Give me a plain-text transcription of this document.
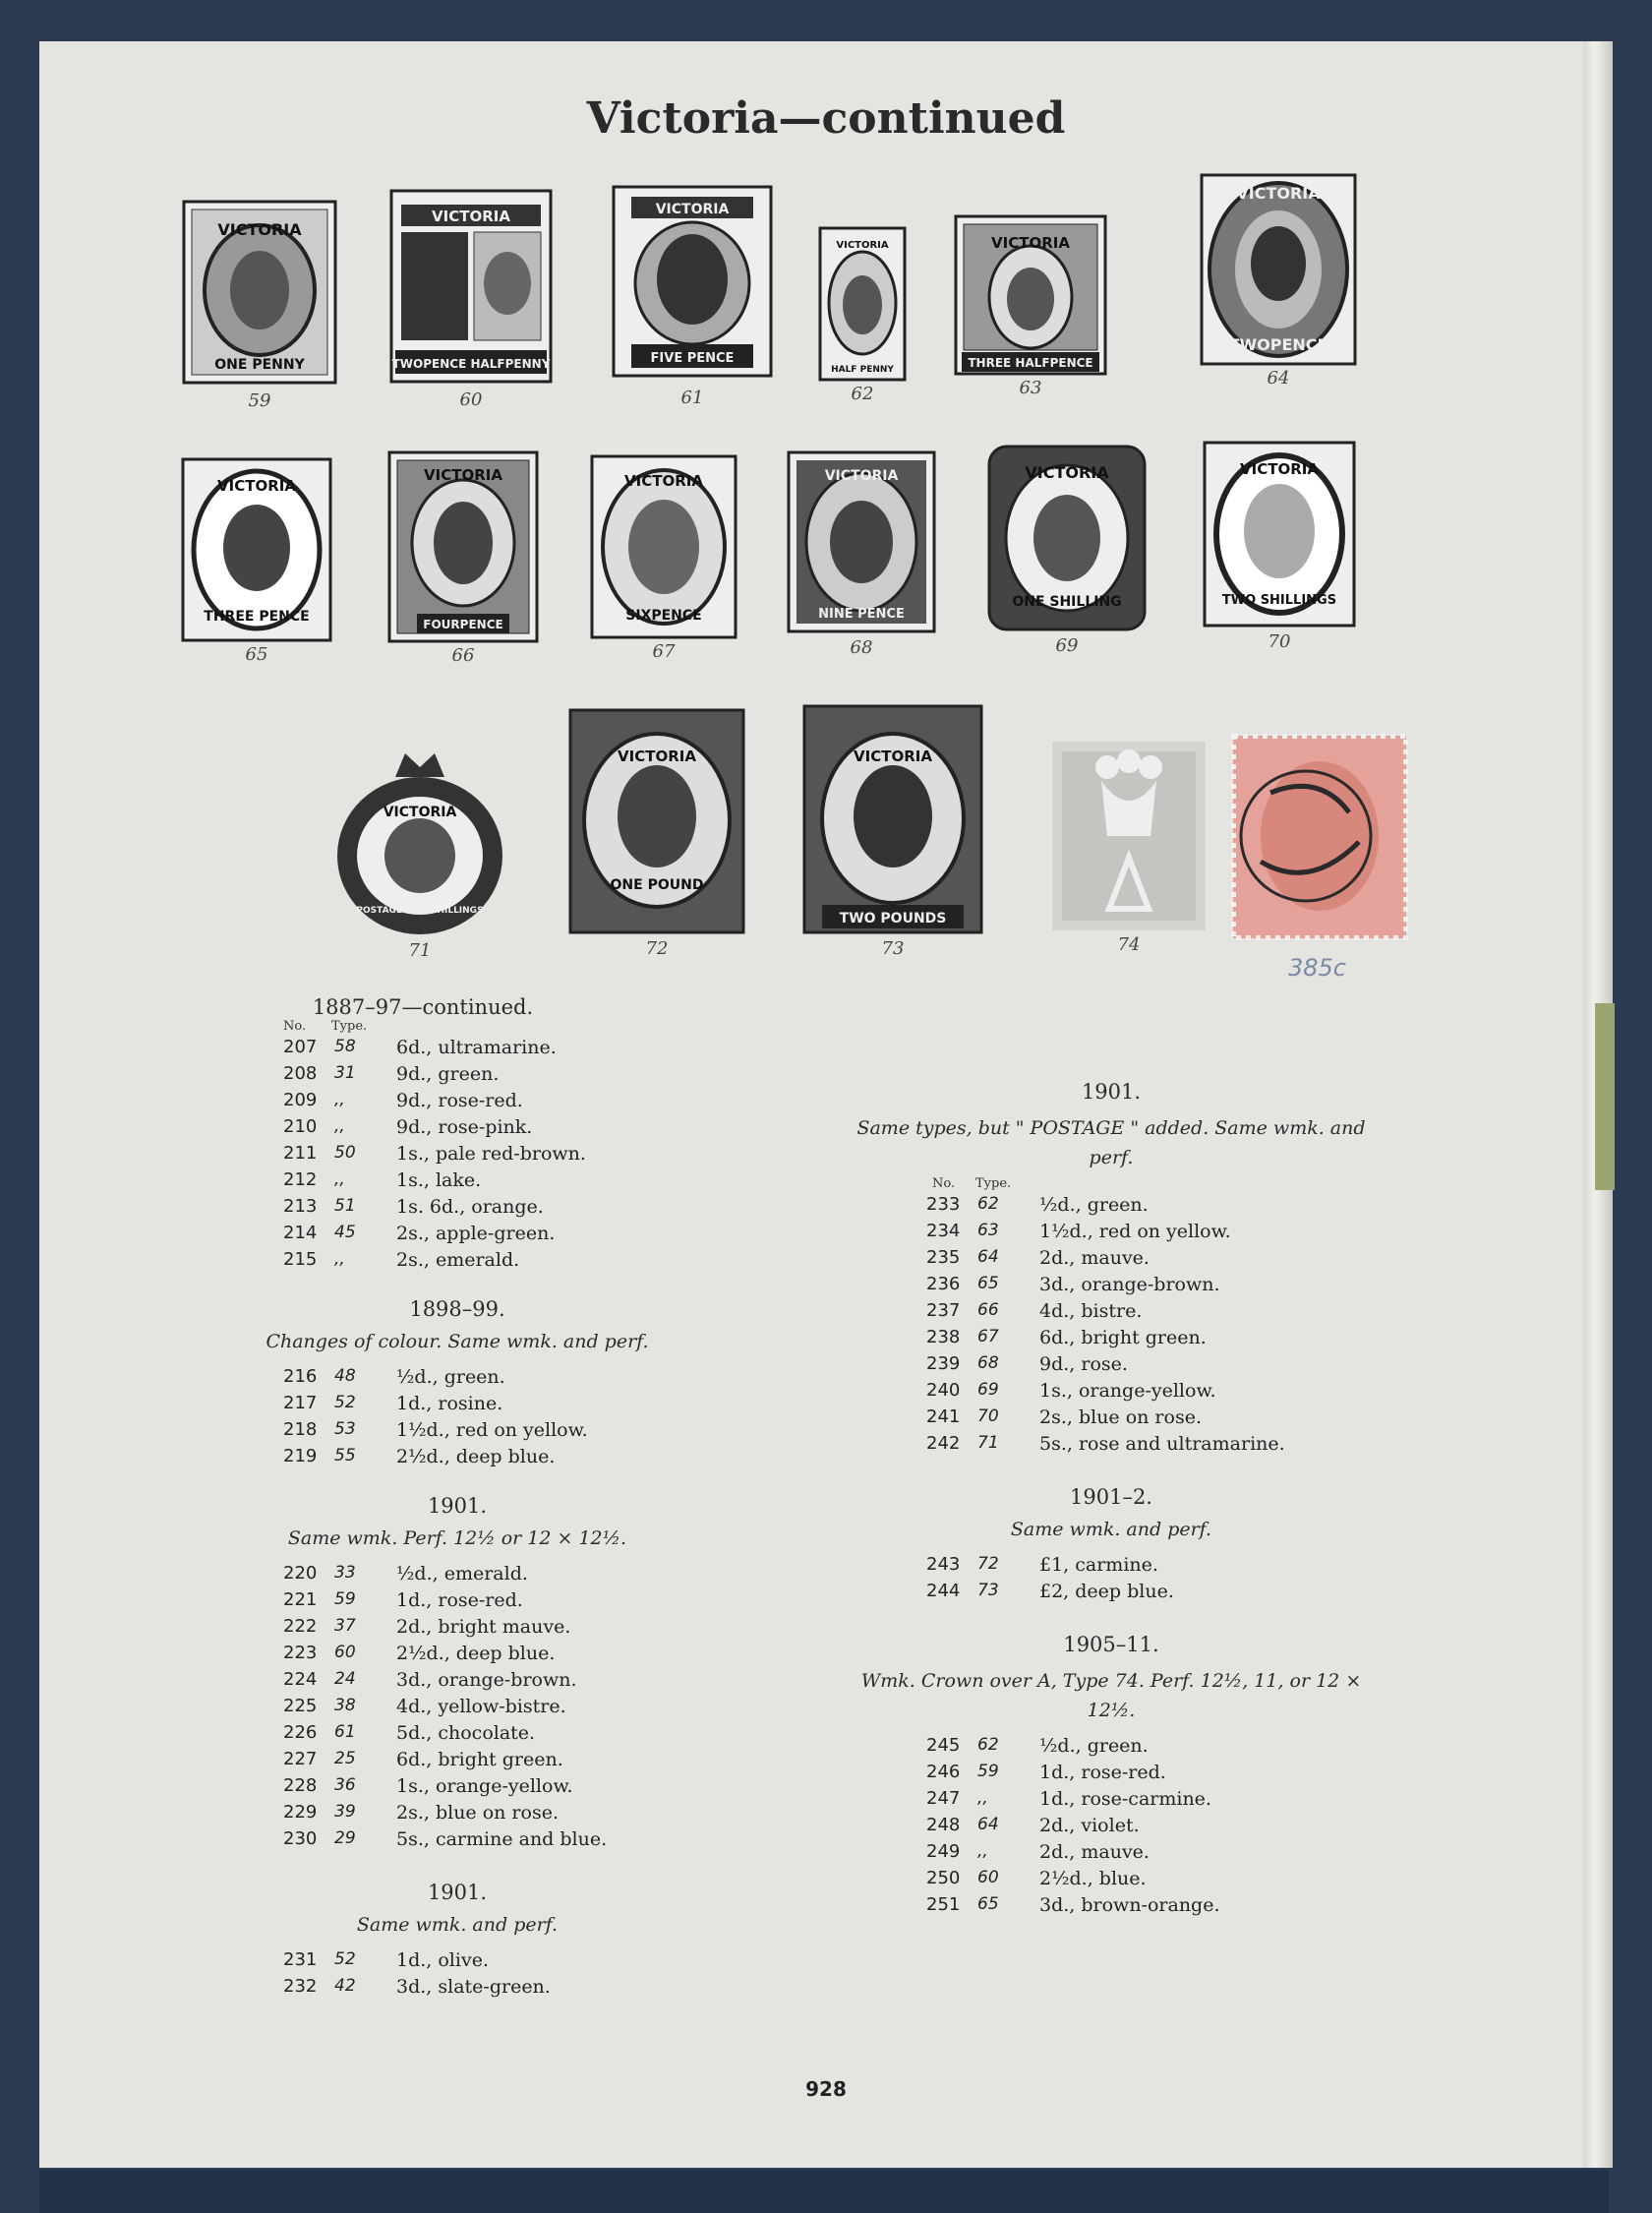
Victoria—continued
VICTORIA
ONE PENNY
59
VICTORIA
TWOPENCE HALFPENNY
60
VICTORIA
FIVE PENCE
61
VICTORIA
HALF PENNY
62
VICTORIA
THREE HALFPENCE
63
VICTORIA
TWOPENCE
64
VICTORIA
THREE PENCE
65
VICTORIA
FOURPENCE
66
VICTORIA
SIXPENCE
67
VICTORIA
NINE PENCE
68
VICTORIA
ONE SHILLING
69
VICTORIA
TWO SHILLINGS
70
VICTORIA
POSTAGE FIVE SHILLINGS
71
VICTORIA
ONE POUND
72
VICTORIA
TWO POUNDS
73	74
385c

1887–97—continued.

No. Type.
207	58	6d., ultramarine.
208	31	9d., green.
209	,,	9d., rose-red.
210	,,	9d., rose-pink.
211	50	1s., pale red-brown.
212	,,	1s., lake.
213	51	1s. 6d., orange.
214	45	2s., apple-green.
215	,,	2s., emerald.

1898–99.

Changes of colour. Same wmk. and perf.

216	48	½d., green.
217	52	1d., rosine.
218	53	1½d., red on yellow.
219	55	2½d., deep blue.

1901.

Same wmk. Perf. 12½ or 12 × 12½.

220	33	½d., emerald.
221	59	1d., rose-red.
222	37	2d., bright mauve.
223	60	2½d., deep blue.
224	24	3d., orange-brown.
225	38	4d., yellow-bistre.
226	61	5d., chocolate.
227	25	6d., bright green.
228	36	1s., orange-yellow.
229	39	2s., blue on rose.
230	29	5s., carmine and blue.

1901.

Same wmk. and perf.

231	52	1d., olive.
232	42	3d., slate-green.

1901.

Same types, but " POSTAGE " added. Same wmk. and perf.

No. Type.
233	62	½d., green.
234	63	1½d., red on yellow.
235	64	2d., mauve.
236	65	3d., orange-brown.
237	66	4d., bistre.
238	67	6d., bright green.
239	68	9d., rose.
240	69	1s., orange-yellow.
241	70	2s., blue on rose.
242	71	5s., rose and ultramarine.

1901–2.

Same wmk. and perf.

243	72	£1, carmine.
244	73	£2, deep blue.

1905–11.

Wmk. Crown over A, Type 74. Perf. 12½, 11, or 12 × 12½.

245	62	½d., green.
246	59	1d., rose-red.
247	,,	1d., rose-carmine.
248	64	2d., violet.
249	,,	2d., mauve.
250	60	2½d., blue.
251	65	3d., brown-orange.
928
